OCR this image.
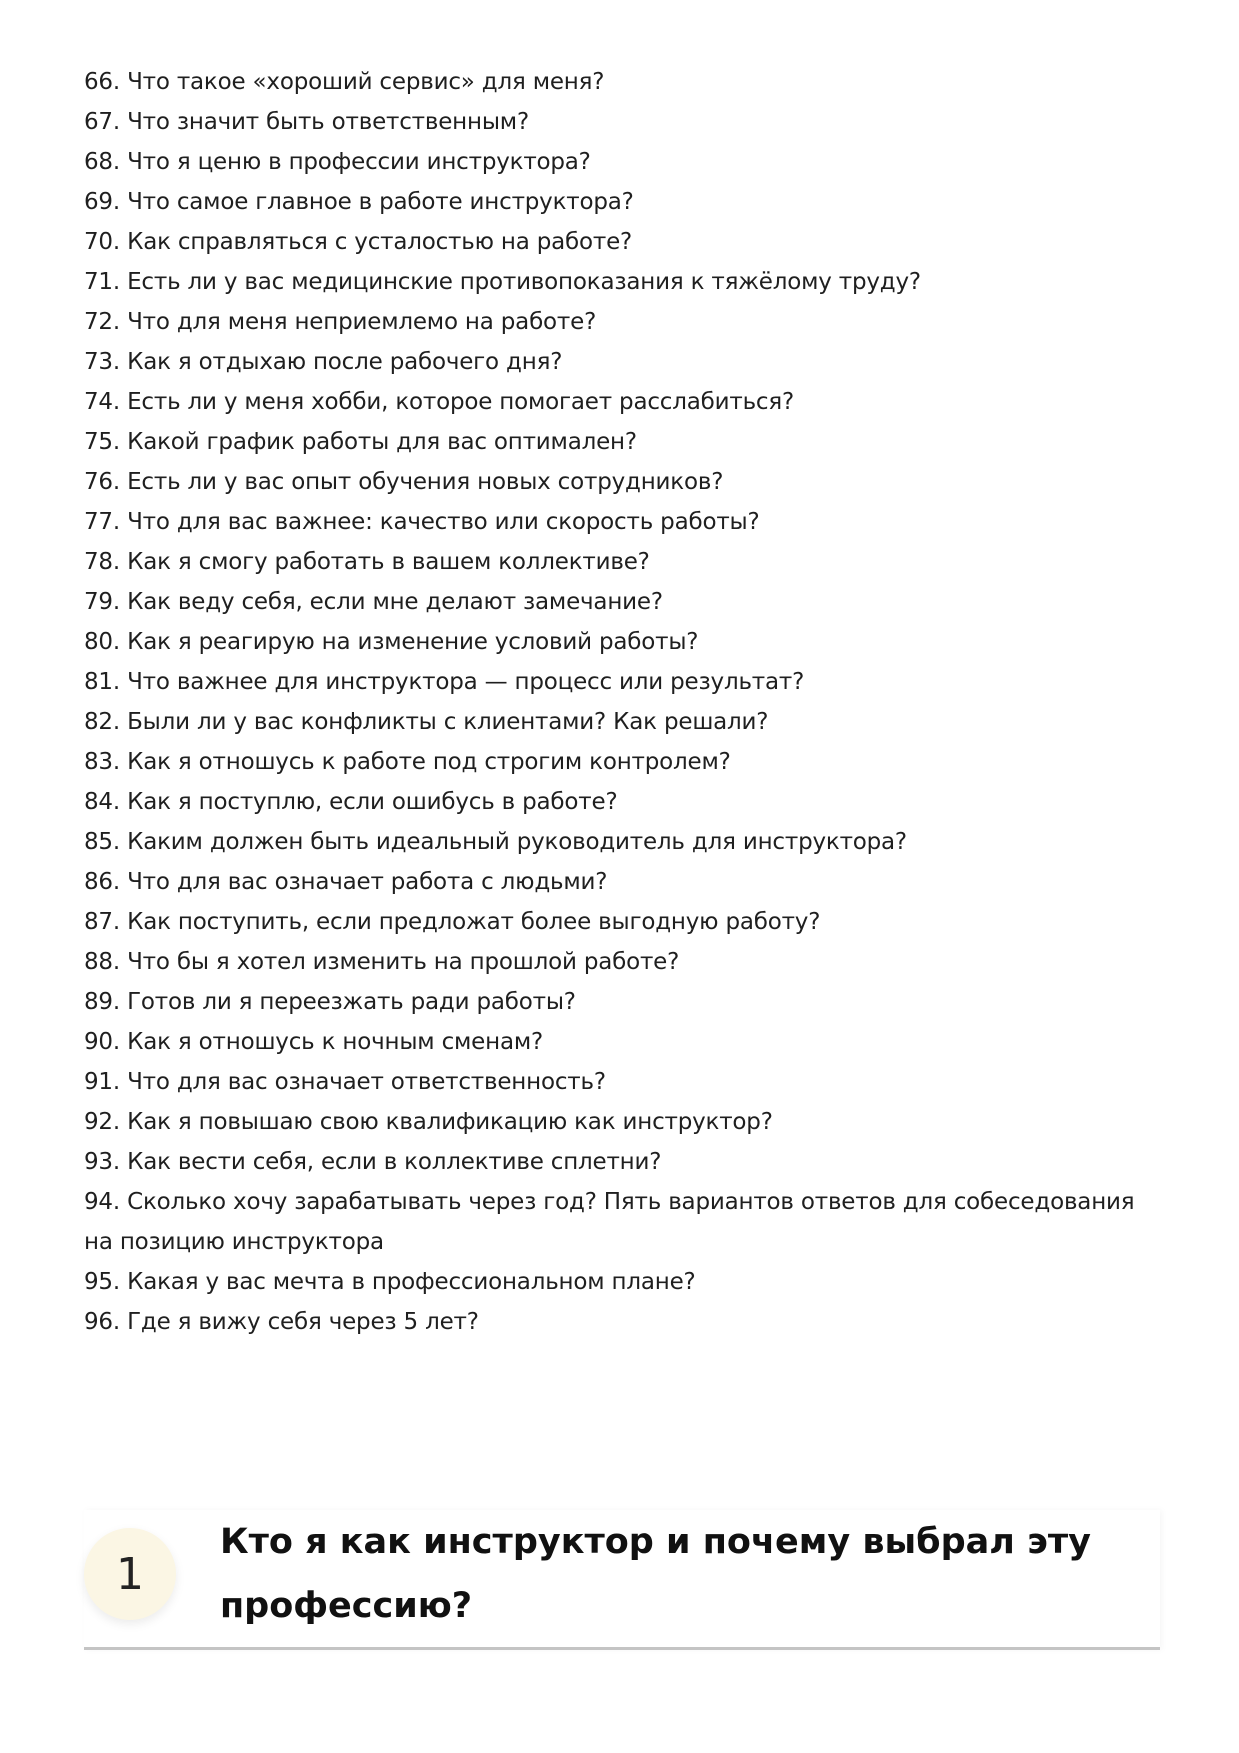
66. Что такое «хороший сервис» для меня?
67. Что значит быть ответственным?
68. Что я ценю в профессии инструктора?
69. Что самое главное в работе инструктора?
70. Как справляться с усталостью на работе?
71. Есть ли у вас медицинские противопоказания к тяжёлому труду?
72. Что для меня неприемлемо на работе?
73. Как я отдыхаю после рабочего дня?
74. Есть ли у меня хобби, которое помогает расслабиться?
75. Какой график работы для вас оптимален?
76. Есть ли у вас опыт обучения новых сотрудников?
77. Что для вас важнее: качество или скорость работы?
78. Как я смогу работать в вашем коллективе?
79. Как веду себя, если мне делают замечание?
80. Как я реагирую на изменение условий работы?
81. Что важнее для инструктора — процесс или результат?
82. Были ли у вас конфликты с клиентами? Как решали?
83. Как я отношусь к работе под строгим контролем?
84. Как я поступлю, если ошибусь в работе?
85. Каким должен быть идеальный руководитель для инструктора?
86. Что для вас означает работа с людьми?
87. Как поступить, если предложат более выгодную работу?
88. Что бы я хотел изменить на прошлой работе?
89. Готов ли я переезжать ради работы?
90. Как я отношусь к ночным сменам?
91. Что для вас означает ответственность?
92. Как я повышаю свою квалификацию как инструктор?
93. Как вести себя, если в коллективе сплетни?
94. Сколько хочу зарабатывать через год? Пять вариантов ответов для собеседования на позицию инструктора
95. Какая у вас мечта в профессиональном плане?
96. Где я вижу себя через 5 лет?
1
Кто я как инструктор и почему выбрал эту профессию?
